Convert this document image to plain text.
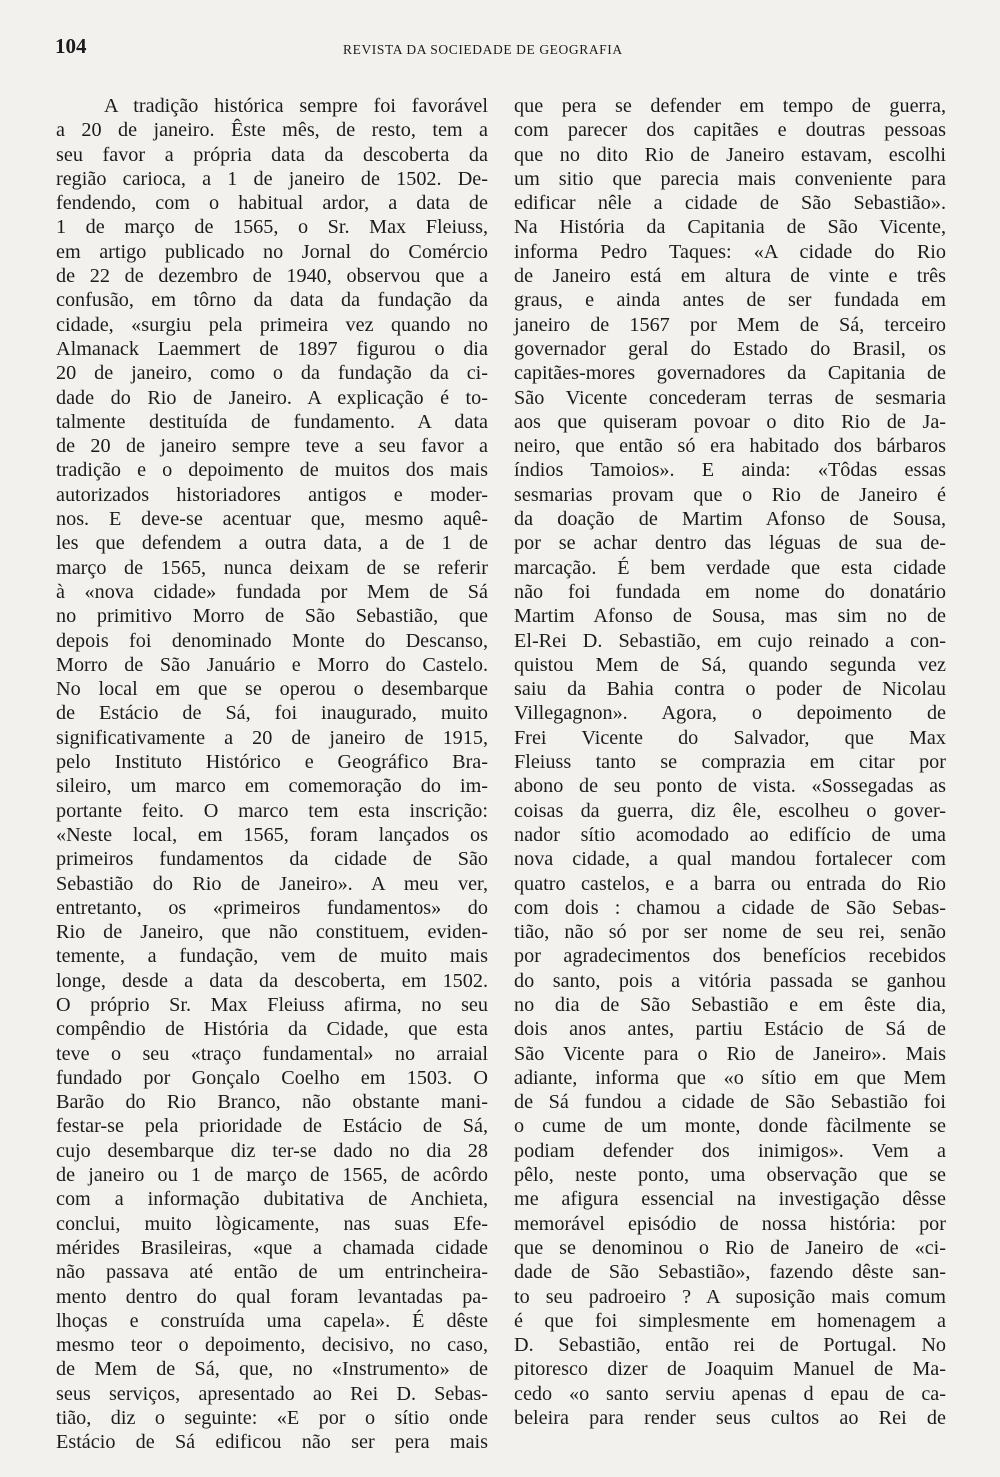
104	REVISTA DA SOCIEDADE DE GEOGRAFIA
A tradição histórica sempre foi favorável
a 20 de janeiro. Êste mês, de resto, tem a
seu favor a própria data da descoberta da
região carioca, a 1 de janeiro de 1502. De-
fendendo, com o habitual ardor, a data de
1 de março de 1565, o Sr. Max Fleiuss,
em artigo publicado no Jornal do Comércio
de 22 de dezembro de 1940, observou que a
confusão, em tôrno da data da fundação da
cidade, «surgiu pela primeira vez quando no
Almanack Laemmert de 1897 figurou o dia
20 de janeiro, como o da fundação da ci-
dade do Rio de Janeiro. A explicação é to-
talmente destituída de fundamento. A data
de 20 de janeiro sempre teve a seu favor a
tradição e o depoimento de muitos dos mais
autorizados historiadores antigos e moder-
nos. E deve-se acentuar que, mesmo aquê-
les que defendem a outra data, a de 1 de
março de 1565, nunca deixam de se referir
à «nova cidade» fundada por Mem de Sá
no primitivo Morro de São Sebastião, que
depois foi denominado Monte do Descanso,
Morro de São Januário e Morro do Castelo.
No local em que se operou o desembarque
de Estácio de Sá, foi inaugurado, muito
significativamente a 20 de janeiro de 1915,
pelo Instituto Histórico e Geográfico Bra-
sileiro, um marco em comemoração do im-
portante feito. O marco tem esta inscrição:
«Neste local, em 1565, foram lançados os
primeiros fundamentos da cidade de São
Sebastião do Rio de Janeiro». A meu ver,
entretanto, os «primeiros fundamentos» do
Rio de Janeiro, que não constituem, eviden-
temente, a fundação, vem de muito mais
longe, desde a data da descoberta, em 1502.
O próprio Sr. Max Fleiuss afirma, no seu
compêndio de História da Cidade, que esta
teve o seu «traço fundamental» no arraial
fundado por Gonçalo Coelho em 1503. O
Barão do Rio Branco, não obstante mani-
festar-se pela prioridade de Estácio de Sá,
cujo desembarque diz ter-se dado no dia 28
de janeiro ou 1 de março de 1565, de acôrdo
com a informação dubitativa de Anchieta,
conclui, muito lògicamente, nas suas Efe-
mérides Brasileiras, «que a chamada cidade
não passava até então de um entrincheira-
mento dentro do qual foram levantadas pa-
lhoças e construída uma capela». É dêste
mesmo teor o depoimento, decisivo, no caso,
de Mem de Sá, que, no «Instrumento» de
seus serviços, apresentado ao Rei D. Sebas-
tião, diz o seguinte: «E por o sítio onde
Estácio de Sá edificou não ser pera mais
que pera se defender em tempo de guerra,
com parecer dos capitães e doutras pessoas
que no dito Rio de Janeiro estavam, escolhi
um sitio que parecia mais conveniente para
edificar nêle a cidade de São Sebastião».
Na História da Capitania de São Vicente,
informa Pedro Taques: «A cidade do Rio
de Janeiro está em altura de vinte e três
graus, e ainda antes de ser fundada em
janeiro de 1567 por Mem de Sá, terceiro
governador geral do Estado do Brasil, os
capitães-mores governadores da Capitania de
São Vicente concederam terras de sesmaria
aos que quiseram povoar o dito Rio de Ja-
neiro, que então só era habitado dos bárbaros
índios Tamoios». E ainda: «Tôdas essas
sesmarias provam que o Rio de Janeiro é
da doação de Martim Afonso de Sousa,
por se achar dentro das léguas de sua de-
marcação. É bem verdade que esta cidade
não foi fundada em nome do donatário
Martim Afonso de Sousa, mas sim no de
El-Rei D. Sebastião, em cujo reinado a con-
quistou Mem de Sá, quando segunda vez
saiu da Bahia contra o poder de Nicolau
Villegagnon». Agora, o depoimento de
Frei Vicente do Salvador, que Max
Fleiuss tanto se comprazia em citar por
abono de seu ponto de vista. «Sossegadas as
coisas da guerra, diz êle, escolheu o gover-
nador sítio acomodado ao edifício de uma
nova cidade, a qual mandou fortalecer com
quatro castelos, e a barra ou entrada do Rio
com dois : chamou a cidade de São Sebas-
tião, não só por ser nome de seu rei, senão
por agradecimentos dos benefícios recebidos
do santo, pois a vitória passada se ganhou
no dia de São Sebastião e em êste dia,
dois anos antes, partiu Estácio de Sá de
São Vicente para o Rio de Janeiro». Mais
adiante, informa que «o sítio em que Mem
de Sá fundou a cidade de São Sebastião foi
o cume de um monte, donde fàcilmente se
podiam defender dos inimigos». Vem a
pêlo, neste ponto, uma observação que se
me afigura essencial na investigação dêsse
memorável episódio de nossa história: por
que se denominou o Rio de Janeiro de «ci-
dade de São Sebastião», fazendo dêste san-
to seu padroeiro ? A suposição mais comum
é que foi simplesmente em homenagem a
D. Sebastião, então rei de Portugal. No
pitoresco dizer de Joaquim Manuel de Ma-
cedo «o santo serviu apenas d epau de ca-
beleira para render seus cultos ao Rei de
